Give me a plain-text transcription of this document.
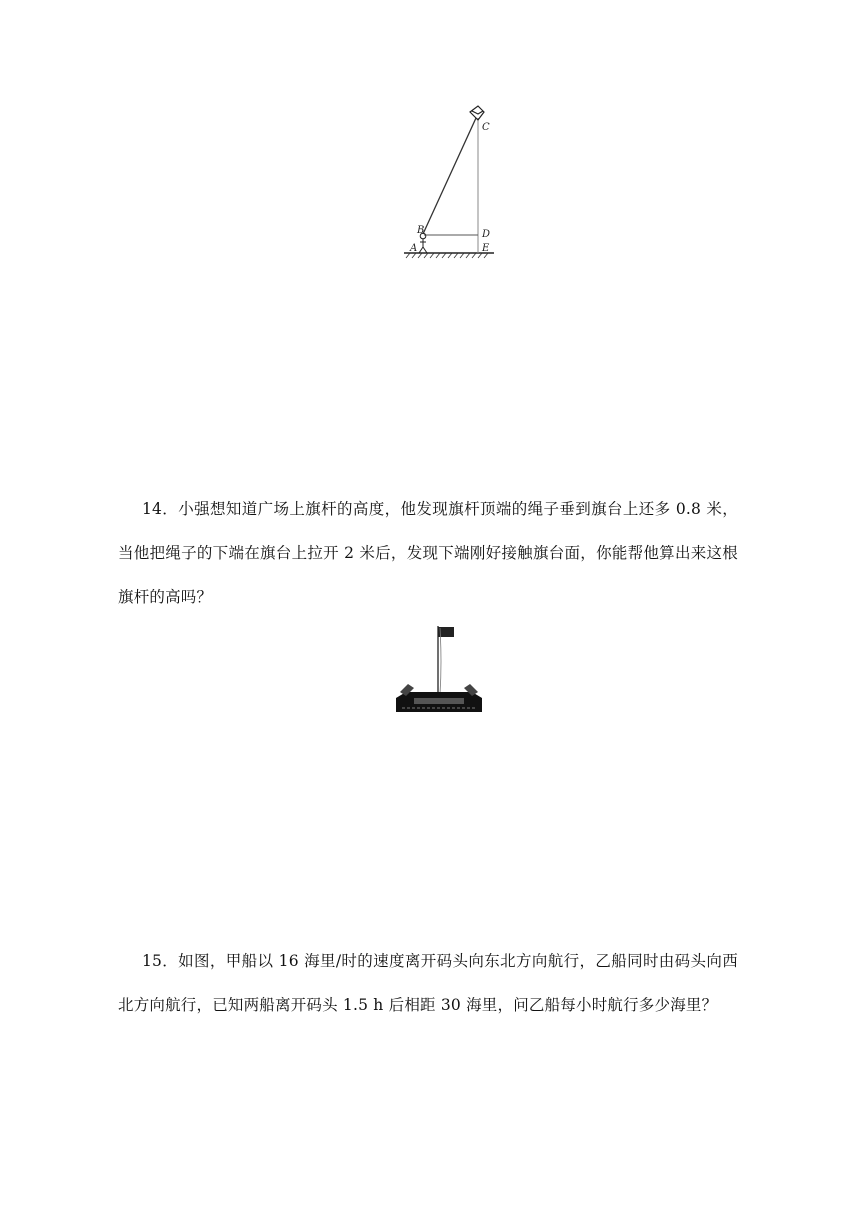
C
B	D
A	E

14．小强想知道广场上旗杆的高度，他发现旗杆顶端的绳子垂到旗台上还多 0.8 米，当他把绳子的下端在旗台上拉开 2 米后，发现下端刚好接触旗台面，你能帮他算出来这根旗杆的高吗？

15．如图，甲船以 16 海里/时的速度离开码头向东北方向航行，乙船同时由码头向西北方向航行，已知两船离开码头 1.5 h 后相距 30 海里，问乙船每小时航行多少海里？
